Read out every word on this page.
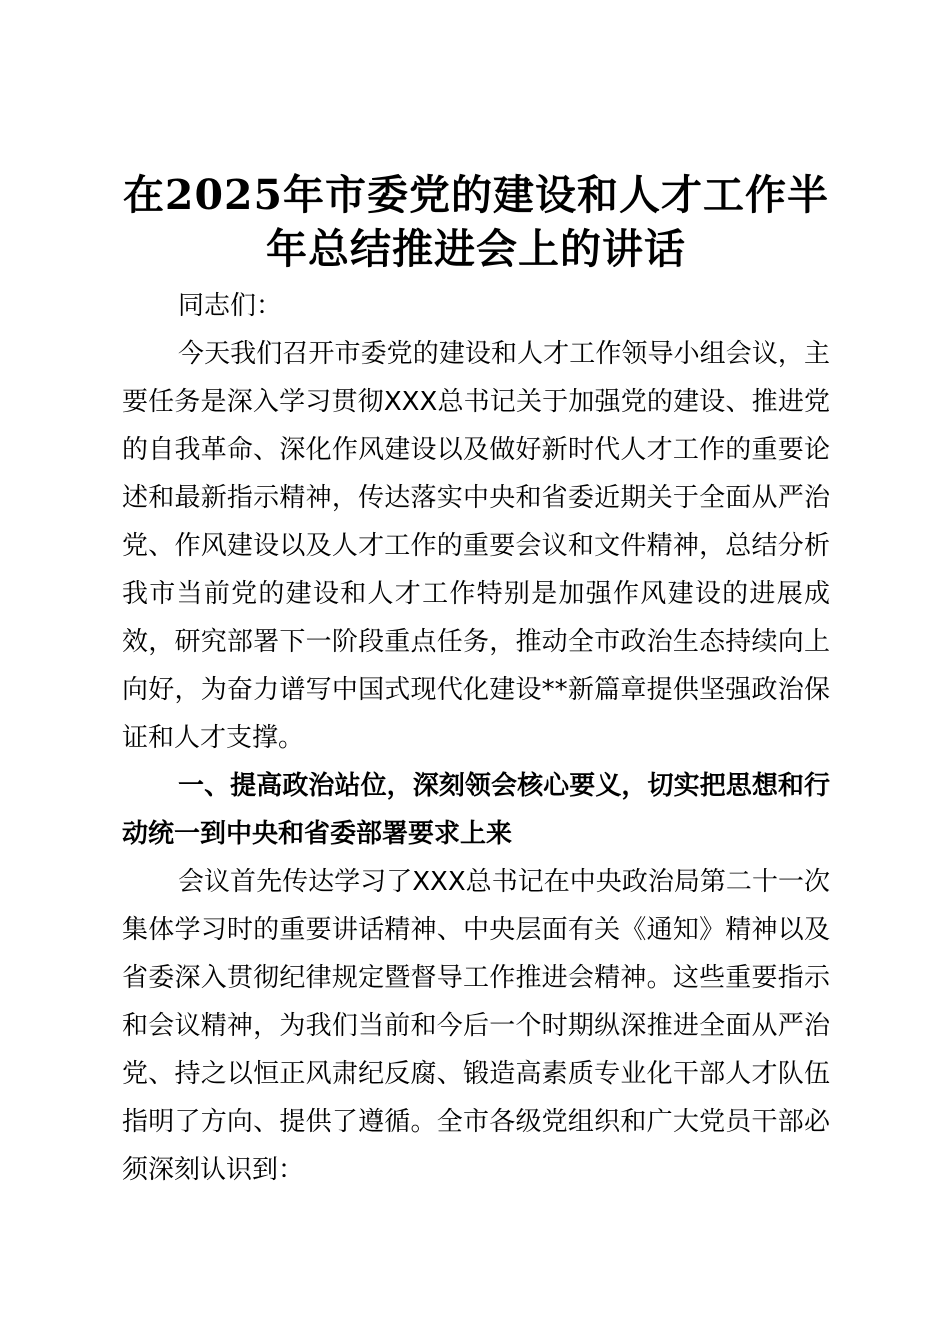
在2025年市委党的建设和人才工作半年总结推进会上的讲话

同志们：

今天我们召开市委党的建设和人才工作领导小组会议，主要任务是深入学习贯彻XXX总书记关于加强党的建设、推进党的自我革命、深化作风建设以及做好新时代人才工作的重要论述和最新指示精神，传达落实中央和省委近期关于全面从严治党、作风建设以及人才工作的重要会议和文件精神，总结分析我市当前党的建设和人才工作特别是加强作风建设的进展成效，研究部署下一阶段重点任务，推动全市政治生态持续向上向好，为奋力谱写中国式现代化建设**新篇章提供坚强政治保证和人才支撑。

一、提高政治站位，深刻领会核心要义，切实把思想和行动统一到中央和省委部署要求上来

会议首先传达学习了XXX总书记在中央政治局第二十一次集体学习时的重要讲话精神、中央层面有关《通知》精神以及省委深入贯彻纪律规定暨督导工作推进会精神。这些重要指示和会议精神，为我们当前和今后一个时期纵深推进全面从严治党、持之以恒正风肃纪反腐、锻造高素质专业化干部人才队伍指明了方向、提供了遵循。全市各级党组织和广大党员干部必须深刻认识到：
